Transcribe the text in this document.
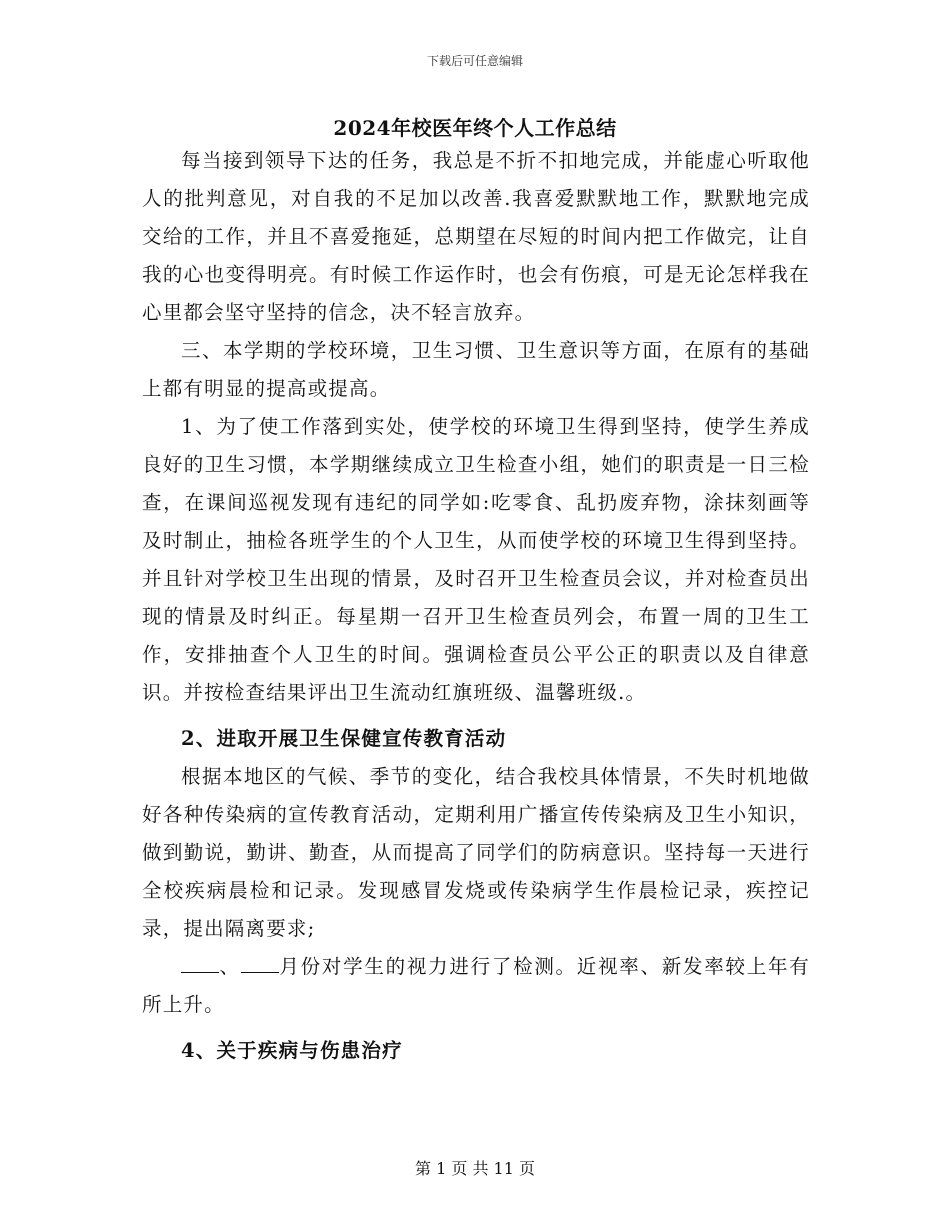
下载后可任意编辑
2024年校医年终个人工作总结

每当接到领导下达的任务，我总是不折不扣地完成，并能虚心听取他人的批判意见，对自我的不足加以改善.我喜爱默默地工作，默默地完成交给的工作，并且不喜爱拖延，总期望在尽短的时间内把工作做完，让自我的心也变得明亮。有时候工作运作时，也会有伤痕，可是无论怎样我在心里都会坚守坚持的信念，决不轻言放弃。

三、本学期的学校环境，卫生习惯、卫生意识等方面，在原有的基础上都有明显的提高或提高。

1、为了使工作落到实处，使学校的环境卫生得到坚持，使学生养成良好的卫生习惯，本学期继续成立卫生检查小组，她们的职责是一日三检查，在课间巡视发现有违纪的同学如:吃零食、乱扔废弃物，涂抹刻画等及时制止，抽检各班学生的个人卫生，从而使学校的环境卫生得到坚持。并且针对学校卫生出现的情景，及时召开卫生检查员会议，并对检查员出现的情景及时纠正。每星期一召开卫生检查员列会，布置一周的卫生工作，安排抽查个人卫生的时间。强调检查员公平公正的职责以及自律意识。并按检查结果评出卫生流动红旗班级、温馨班级.。

2、进取开展卫生保健宣传教育活动

根据本地区的气候、季节的变化，结合我校具体情景，不失时机地做好各种传染病的宣传教育活动，定期利用广播宣传传染病及卫生小知识，做到勤说，勤讲、勤查，从而提高了同学们的防病意识。坚持每一天进行全校疾病晨检和记录。发现感冒发烧或传染病学生作晨检记录，疾控记录，提出隔离要求;

、 月份对学生的视力进行了检测。近视率、新发率较上年有所上升。

4、关于疾病与伤患治疗

第 1 页 共 11 页
